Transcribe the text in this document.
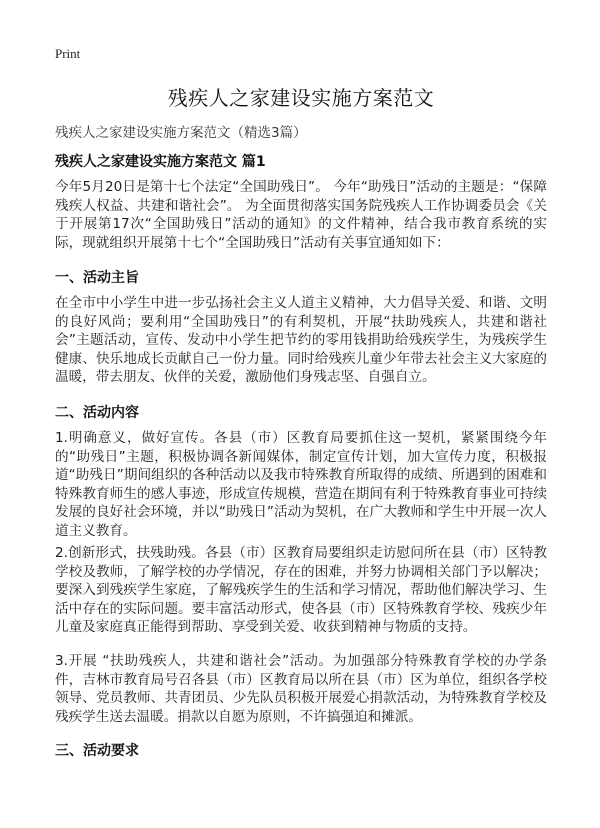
Print
残疾人之家建设实施方案范文

残疾人之家建设实施方案范文（精选3篇）

残疾人之家建设实施方案范文 篇1

今年5月20日是第十七个法定“全国助残日”。 今年“助残日”活动的主题是：“保障残疾人权益、共建和谐社会”。 为全面贯彻落实国务院残疾人工作协调委员会《关于开展第17次“全国助残日”活动的通知》的文件精神，结合我市教育系统的实际，现就组织开展第十七个“全国助残日”活动有关事宜通知如下：

一、活动主旨

在全市中小学生中进一步弘扬社会主义人道主义精神，大力倡导关爱、和谐、文明的良好风尚；要利用“全国助残日”的有利契机，开展“扶助残疾人，共建和谐社会”主题活动，宣传、发动中小学生把节约的零用钱捐助给残疾学生，为残疾学生健康、快乐地成长贡献自己一份力量。同时给残疾儿童少年带去社会主义大家庭的温暖，带去朋友、伙伴的关爱，激励他们身残志坚、自强自立。

二、活动内容

1.明确意义，做好宣传。各县（市）区教育局要抓住这一契机，紧紧围绕今年的“助残日”主题，积极协调各新闻媒体，制定宣传计划，加大宣传力度，积极报道“助残日”期间组织的各种活动以及我市特殊教育所取得的成绩、所遇到的困难和特殊教育师生的感人事迹，形成宣传规模，营造在期间有利于特殊教育事业可持续发展的良好社会环境，并以“助残日”活动为契机，在广大教师和学生中开展一次人道主义教育。

2.创新形式，扶残助残。各县（市）区教育局要组织走访慰问所在县（市）区特教学校及教师，了解学校的办学情况，存在的困难，并努力协调相关部门予以解决；要深入到残疾学生家庭，了解残疾学生的生活和学习情况，帮助他们解决学习、生活中存在的实际问题。要丰富活动形式，使各县（市）区特殊教育学校、残疾少年儿童及家庭真正能得到帮助、享受到关爱、收获到精神与物质的支持。

3.开展 “扶助残疾人，共建和谐社会”活动。为加强部分特殊教育学校的办学条件，吉林市教育局号召各县（市）区教育局以所在县（市）区为单位，组织各学校领导、党员教师、共青团员、少先队员积极开展爱心捐款活动，为特殊教育学校及残疾学生送去温暖。捐款以自愿为原则，不许搞强迫和摊派。

三、活动要求
